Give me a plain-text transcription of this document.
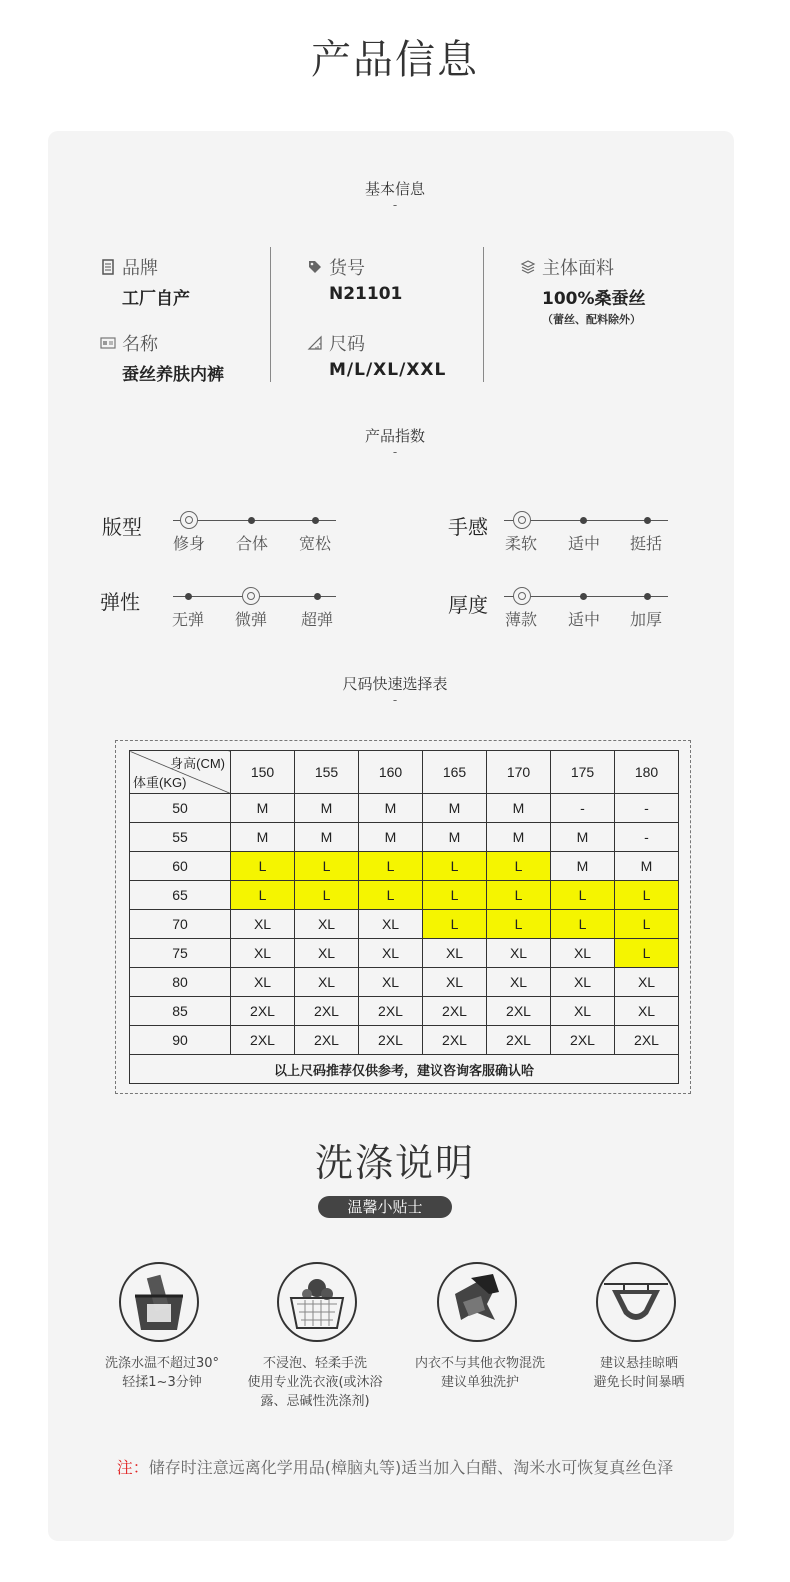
产品信息
基本信息
-
品牌
工厂自产
名称
蚕丝养肤内裤
货号
N21101
尺码
M/L/XL/XXL
主体面料
100%桑蚕丝
（蕾丝、配料除外）
产品指数
-
版型
修身 合体 宽松
手感
柔软 适中 挺括
弹性
无弹 微弹 超弹
厚度
薄款 适中 加厚
尺码快速选择表
-
身高(CM)
体重(KG)	150	155	160	165	170	175	180
50	M	M	M	M	M	-	-
55	M	M	M	M	M	M	-
60	L	L	L	L	L	M	M
65	L	L	L	L	L	L	L
70	XL	XL	XL	L	L	L	L
75	XL	XL	XL	XL	XL	XL	L
80	XL	XL	XL	XL	XL	XL	XL
85	2XL	2XL	2XL	2XL	2XL	XL	XL
90	2XL	2XL	2XL	2XL	2XL	2XL	2XL
以上尺码推荐仅供参考，建议咨询客服确认哈							
洗涤说明
温馨小贴士
洗涤水温不超过30°
轻揉1~3分钟
不浸泡、轻柔手洗
使用专业洗衣液(或沐浴
露、忌碱性洗涤剂)
内衣不与其他衣物混洗
建议单独洗护
建议悬挂晾晒
避免长时间暴晒
注：储存时注意远离化学用品(樟脑丸等)适当加入白醋、淘米水可恢复真丝色泽
